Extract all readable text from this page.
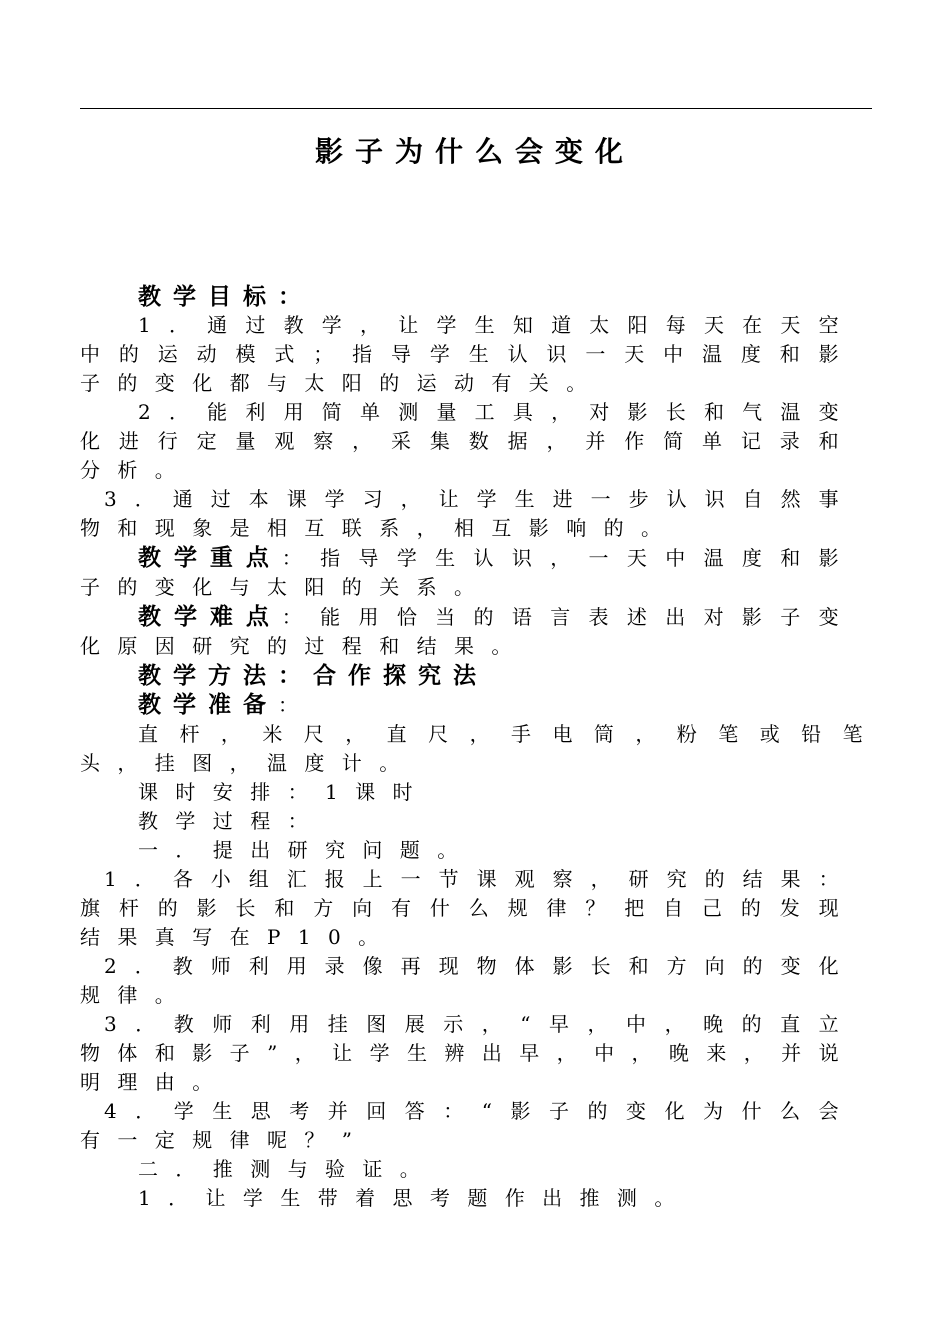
影子为什么会变化

教学目标：

1．通过教学，让学生知道太阳每天在天空中的运动模式；指导学生认识一天中温度和影子的变化都与太阳的运动有关。

2．能利用简单测量工具，对影长和气温变化进行定量观察，采集数据，并作简单记录和分析。

3．通过本课学习，让学生进一步认识自然事物和现象是相互联系，相互影响的。

教学重点：指导学生认识，一天中温度和影子的变化与太阳的关系。

教学难点：能用恰当的语言表述出对影子变化原因研究的过程和结果。

教学方法：合作探究法

教学准备：

直杆，米尺，直尺，手电筒，粉笔或铅笔头，挂图，温度计。

课时安排：1课时

教学过程：

一．提出研究问题。

1．各小组汇报上一节课观察，研究的结果：旗杆的影长和方向有什么规律？把自己的发现结果真写在P10。

2．教师利用录像再现物体影长和方向的变化规律。

3．教师利用挂图展示，“早，中，晚的直立物体和影子”，让学生辨出早，中，晚来，并说明理由。

4．学生思考并回答：“影子的变化为什么会有一定规律呢？”

二．推测与验证。

1．让学生带着思考题作出推测。
